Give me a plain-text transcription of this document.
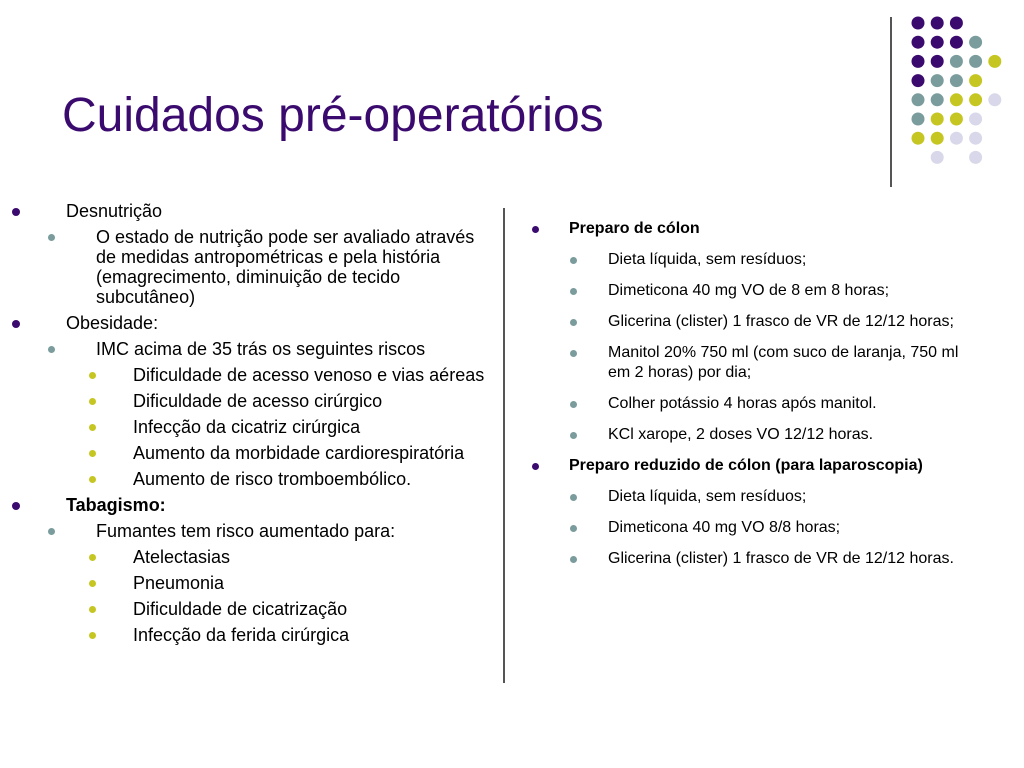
Cuidados pré-operatórios
Desnutrição
O estado de nutrição pode ser avaliado através de medidas antropométricas e pela história (emagrecimento, diminuição de tecido subcutâneo)
Obesidade:
IMC acima de 35 trás os seguintes riscos
Dificuldade de acesso venoso e vias aéreas
Dificuldade de acesso cirúrgico
Infecção da cicatriz cirúrgica
Aumento da morbidade cardiorespiratória
Aumento de risco tromboembólico.
Tabagismo:
Fumantes tem risco aumentado para:
Atelectasias
Pneumonia
Dificuldade de cicatrização
Infecção da ferida cirúrgica
Preparo de cólon
Dieta líquida, sem resíduos;
Dimeticona 40 mg VO de 8 em 8 horas;
Glicerina (clister) 1 frasco de VR de 12/12 horas;
Manitol 20% 750 ml (com suco de laranja, 750 ml em 2 horas) por dia;
Colher potássio 4 horas após manitol.
KCl xarope, 2 doses VO 12/12 horas.
Preparo reduzido de cólon (para laparoscopia)
Dieta líquida, sem resíduos;
Dimeticona 40 mg VO 8/8 horas;
Glicerina (clister) 1 frasco de VR de 12/12 horas.
